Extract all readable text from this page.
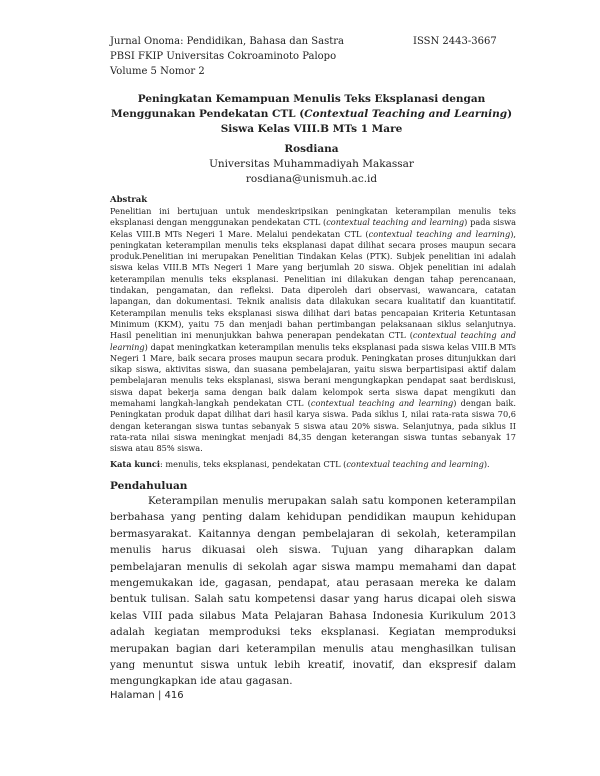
Jurnal Onoma: Pendidikan, Bahasa dan Sastra
PBSI FKIP Universitas Cokroaminoto Palopo
Volume 5 Nomor 2
ISSN 2443-3667
Peningkatan Kemampuan Menulis Teks Eksplanasi dengan Menggunakan Pendekatan CTL (Contextual Teaching and Learning) Siswa Kelas VIII.B MTs 1 Mare
Rosdiana
Universitas Muhammadiyah Makassar
rosdiana@unismuh.ac.id
Abstrak

Penelitian ini bertujuan untuk mendeskripsikan peningkatan keterampilan menulis teks eksplanasi dengan menggunakan pendekatan CTL (contextual teaching and learning) pada siswa Kelas VIII.B MTs Negeri 1 Mare. Melalui pendekatan CTL (contextual teaching and learning), peningkatan keterampilan menulis teks eksplanasi dapat dilihat secara proses maupun secara produk.Penelitian ini merupakan Penelitian Tindakan Kelas (PTK). Subjek penelitian ini adalah siswa kelas VIII.B MTs Negeri 1 Mare yang berjumlah 20 siswa. Objek penelitian ini adalah keterampilan menulis teks eksplanasi. Penelitian ini dilakukan dengan tahap perencanaan, tindakan, pengamatan, dan refleksi. Data diperoleh dari observasi, wawancara, catatan lapangan, dan dokumentasi. Teknik analisis data dilakukan secara kualitatif dan kuantitatif. Keterampilan menulis teks eksplanasi siswa dilihat dari batas pencapaian Kriteria Ketuntasan Minimum (KKM), yaitu 75 dan menjadi bahan pertimbangan pelaksanaan siklus selanjutnya. Hasil penelitian ini menunjukkan bahwa penerapan pendekatan CTL (contextual teaching and learning) dapat meningkatkan keterampilan menulis teks eksplanasi pada siswa kelas VIII.B MTs Negeri 1 Mare, baik secara proses maupun secara produk. Peningkatan proses ditunjukkan dari sikap siswa, aktivitas siswa, dan suasana pembelajaran, yaitu siswa berpartisipasi aktif dalam pembelajaran menulis teks eksplanasi, siswa berani mengungkapkan pendapat saat berdiskusi, siswa dapat bekerja sama dengan baik dalam kelompok serta siswa dapat mengikuti dan memahami langkah-langkah pendekatan CTL (contextual teaching and learning) dengan baik. Peningkatan produk dapat dilihat dari hasil karya siswa. Pada siklus I, nilai rata-rata siswa 70,6 dengan keterangan siswa tuntas sebanyak 5 siswa atau 20% siswa. Selanjutnya, pada siklus II rata-rata nilai siswa meningkat menjadi 84,35 dengan keterangan siswa tuntas sebanyak 17 siswa atau 85% siswa.

Kata kunci: menulis, teks eksplanasi, pendekatan CTL (contextual teaching and learning).
Pendahuluan

Keterampilan menulis merupakan salah satu komponen keterampilan berbahasa yang penting dalam kehidupan pendidikan maupun kehidupan bermasyarakat. Kaitannya dengan pembelajaran di sekolah, keterampilan menulis harus dikuasai oleh siswa. Tujuan yang diharapkan dalam pembelajaran menulis di sekolah agar siswa mampu memahami dan dapat mengemukakan ide, gagasan, pendapat, atau perasaan mereka ke dalam bentuk tulisan. Salah satu kompetensi dasar yang harus dicapai oleh siswa kelas VIII pada silabus Mata Pelajaran Bahasa Indonesia Kurikulum 2013 adalah kegiatan memproduksi teks eksplanasi. Kegiatan memproduksi merupakan bagian dari keterampilan menulis atau menghasilkan tulisan yang menuntut siswa untuk lebih kreatif, inovatif, dan ekspresif dalam mengungkapkan ide atau gagasan.

Halaman | 416
